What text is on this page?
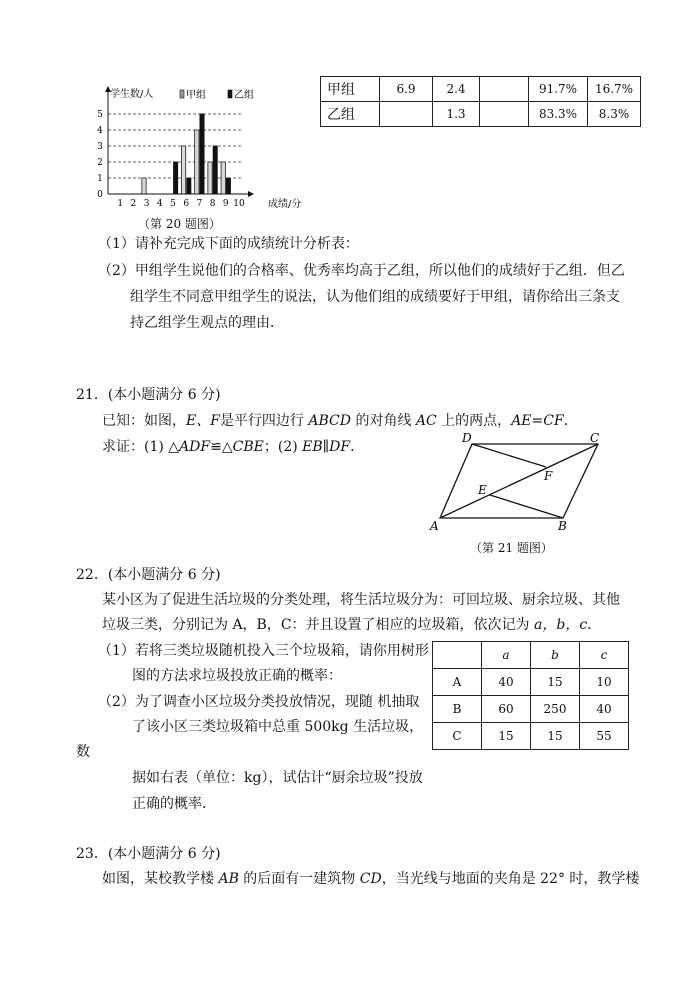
0
1
2
3
4
5
1 2 3 4 5 6 7 8 9 10
学生数/人	甲组	乙组
成绩/分
（第 20 题图）
甲组	6.9	2.4		91.7%	16.7%
乙组		1.3		83.3%	8.3%
（1）请补充完成下面的成绩统计分析表：
（2）甲组学生说他们的合格率、优秀率均高于乙组，所以他们的成绩好于乙组．但乙
组学生不同意甲组学生的说法，认为他们组的成绩要好于甲组，请你给出三条支
持乙组学生观点的理由．
21．(本小题满分 6 分)
已知：如图，E、F是平行四边行 ABCD 的对角线 AC 上的两点，AE=CF．
求证：(1) △ADF≌△CBE；(2) EB∥DF．
D	C
F
E
A	B
（第 21 题图）
22．(本小题满分 6 分)
某小区为了促进生活垃圾的分类处理，将生活垃圾分为：可回垃圾、厨余垃圾、其他
垃圾三类，分别记为 A，B，C：并且设置了相应的垃圾箱，依次记为 a，b，c．
（1）若将三类垃圾随机投入三个垃圾箱，请你用树形
图的方法求垃圾投放正确的概率：
（2）为了调查小区垃圾分类投放情况，现随 机抽取
了该小区三类垃圾箱中总重 500kg 生活垃圾，
数
据如右表（单位：kg），试估计“厨余垃圾”投放
正确的概率．
	a	b	c
A	40	15	10
B	60	250	40
C	15	15	55
23．(本小题满分 6 分)
如图，某校教学楼 AB 的后面有一建筑物 CD，当光线与地面的夹角是 22° 时，教学楼
